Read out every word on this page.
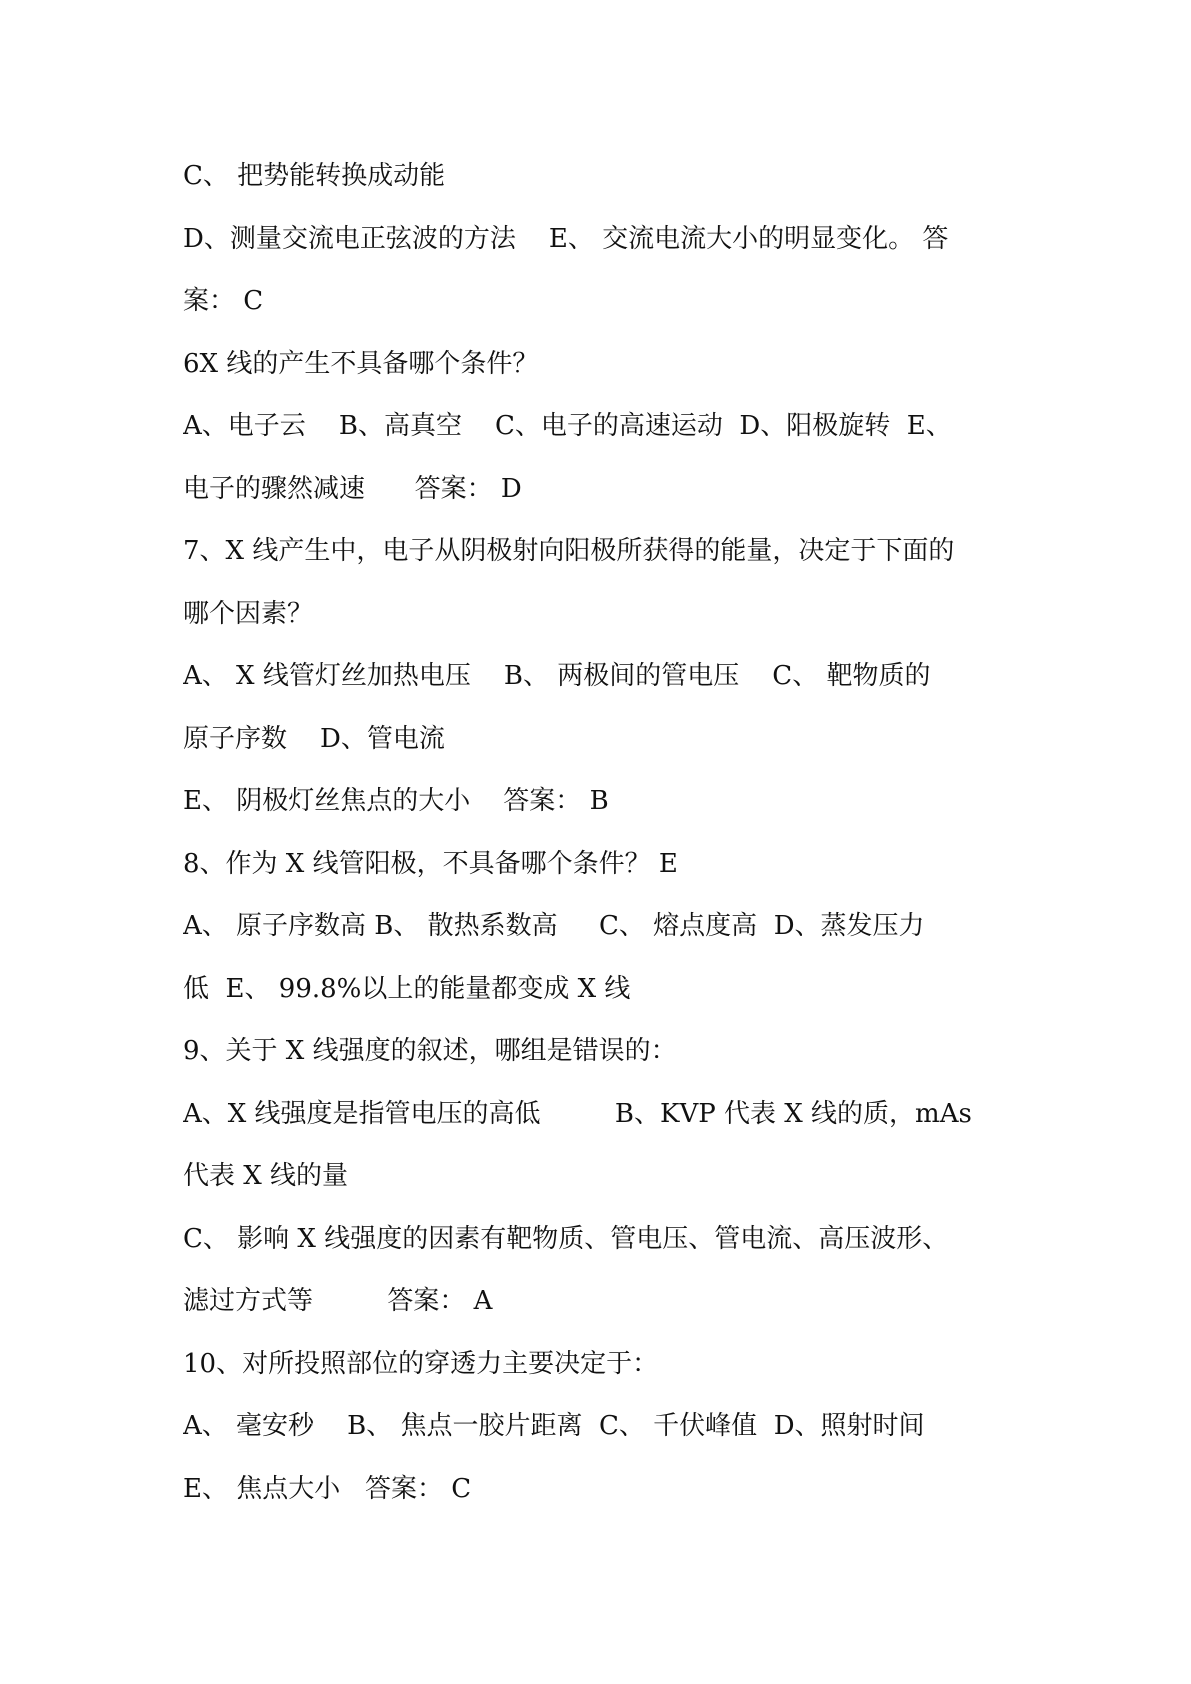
C、 把势能转换成动能
D、测量交流电正弦波的方法    E、 交流电流大小的明显变化。 答
案： C
6X 线的产生不具备哪个条件？
A、电子云    B、高真空    C、电子的高速运动  D、阳极旋转  E、
电子的骤然减速      答案： D
7、X 线产生中，电子从阴极射向阳极所获得的能量，决定于下面的
哪个因素？
A、 X 线管灯丝加热电压    B、 两极间的管电压    C、 靶物质的
原子序数    D、管电流
E、 阴极灯丝焦点的大小    答案： B
8、作为 X 线管阳极，不具备哪个条件？ E
A、 原子序数高 B、 散热系数高     C、 熔点度高  D、蒸发压力
低  E、 99.8%以上的能量都变成 X 线
9、关于 X 线强度的叙述，哪组是错误的：
A、X 线强度是指管电压的高低         B、KVP 代表 X 线的质，mAs
代表 X 线的量
C、 影响 X 线强度的因素有靶物质、管电压、管电流、高压波形、
滤过方式等         答案： A
10、对所投照部位的穿透力主要决定于：
A、 毫安秒    B、 焦点一胶片距离  C、 千伏峰值  D、照射时间
E、 焦点大小   答案： C
